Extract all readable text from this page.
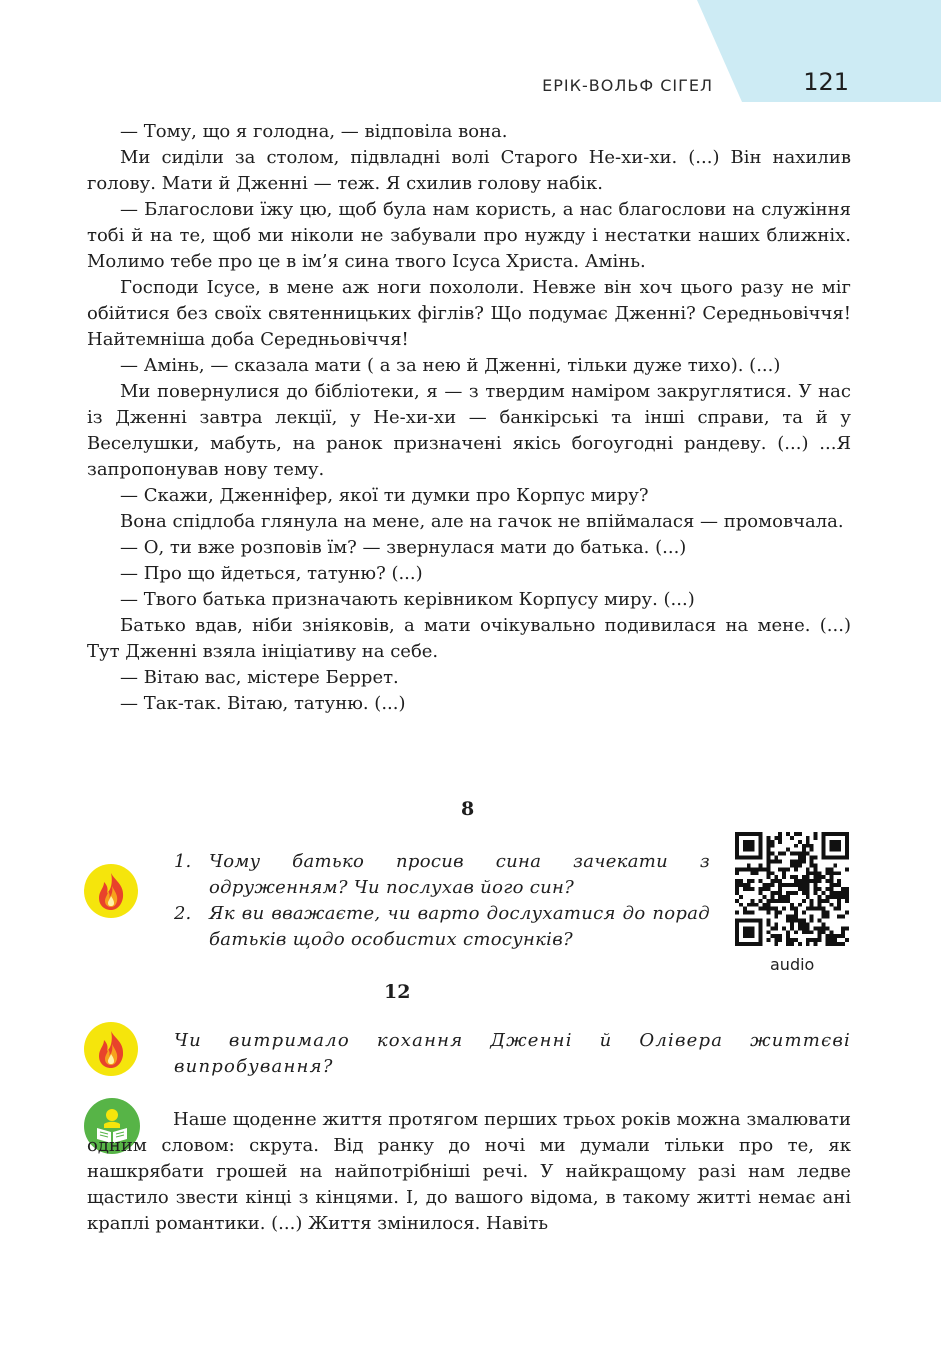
ЕРІК-ВОЛЬФ СІГЕЛ	121

— Тому, що я голодна, — відповіла вона.

Ми сиділи за столом, підвладні волі Старого Не-хи-хи. (...) Він нахилив голову. Мати й Дженні — теж. Я схилив голову набік.

— Благослови їжу цю, щоб була нам користь, а нас благослови на служіння тобі й на те, щоб ми ніколи не забували про нужду і нестатки наших ближніх. Молимо тебе про це в ім’я сина твого Ісуса Христа. Амінь.

Господи Ісусе, в мене аж ноги похололи. Невже він хоч цього разу не міг обійтися без своїх святенницьких фіглів? Що подумає Дженні? Середньовіччя! Найтемніша доба Середньовіччя!

— Амінь, — сказала мати ( а за нею й Дженні, тільки дуже тихо). (...)

Ми повернулися до бібліотеки, я — з твердим наміром закруглятися. У нас із Дженні завтра лекції, у Не-хи-хи — банкірські та інші справи, та й у Веселушки, мабуть, на ранок призначені якісь богоугодні рандеву. (...) ...Я запропонував нову тему.

— Скажи, Дженніфер, якої ти думки про Корпус миру?

Вона спідлоба глянула на мене, але на гачок не впіймалася — промовчала.

— О, ти вже розповів їм? — звернулася мати до батька. (...)

— Про що йдеться, татуню? (...)

— Твого батька призначають керівником Корпусу миру. (...)

Батько вдав, ніби зніяковів, а мати очікувально подивилася на мене. (...) Тут Дженні взяла ініціативу на себе.

— Вітаю вас, містере Беррет.

— Так-так. Вітаю, татуню. (...)

8
1. Чому батько просив сина зачекати з одруженням? Чи послухав його син?
2. Як ви вважаєте, чи варто дослухатися до порад батьків щодо особистих стосунків?
audio
12

Чи витримало кохання Дженні й Олівера життєві випробування?

Наше щоденне життя протягом перших трьох років можна змалювати одним словом: скрута. Від ранку до ночі ми думали тільки про те, як нашкрябати грошей на найпотрібніші речі. У найкращому разі нам ледве щастило звести кінці з кінцями. І, до вашого відома, в такому житті немає ані краплі романтики. (...) Життя змінилося. Навіть
